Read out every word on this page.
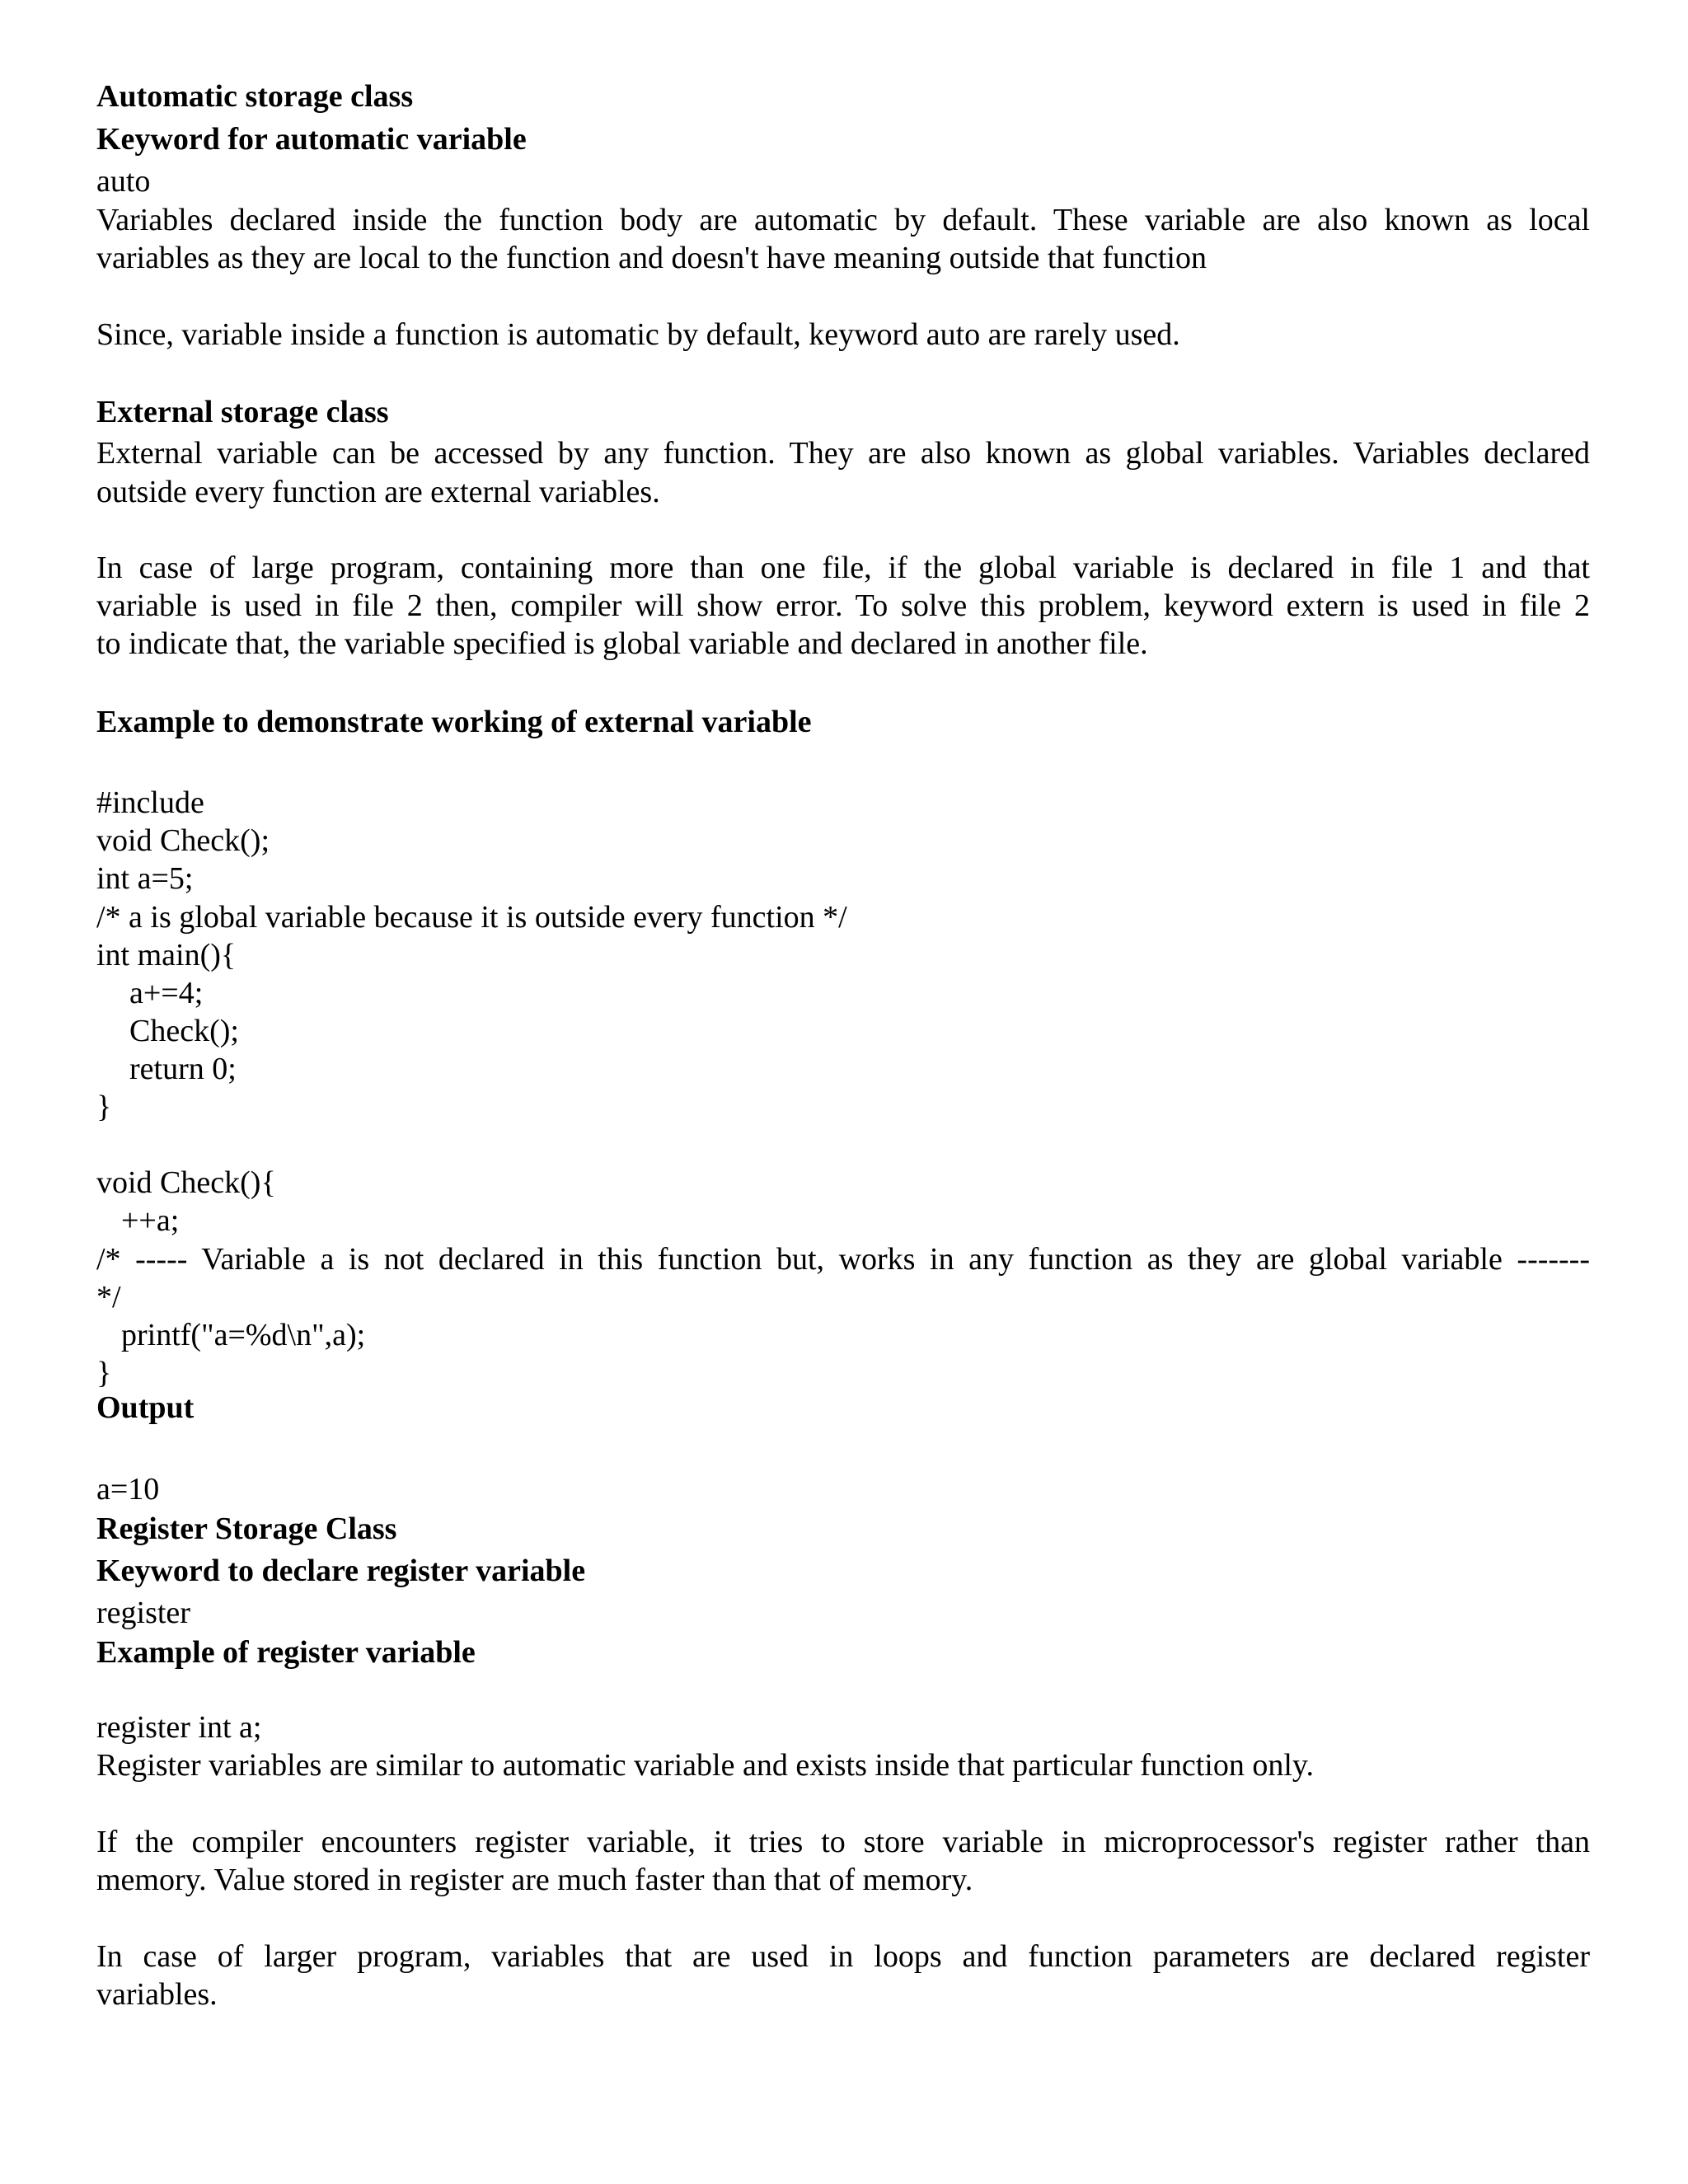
Automatic storage class

Keyword for automatic variable

auto

Variables declared inside the function body are automatic by default. These variable are also known as local

variables as they are local to the function and doesn't have meaning outside that function

Since, variable inside a function is automatic by default, keyword auto are rarely used.

External storage class

External variable can be accessed by any function. They are also known as global variables. Variables declared

outside every function are external variables.

In case of large program, containing more than one file, if the global variable is declared in file 1 and that

variable is used in file 2 then, compiler will show error. To solve this problem, keyword extern is used in file 2

to indicate that, the variable specified is global variable and declared in another file.

Example to demonstrate working of external variable

#include

void Check();

int a=5;

/* a is global variable because it is outside every function */

int main(){

a+=4;

Check();

return 0;

}

void Check(){

++a;

/* ----- Variable a is not declared in this function but, works in any function as they are global variable -------

*/

printf("a=%d\n",a);

}

Output

a=10

Register Storage Class

Keyword to declare register variable

register

Example of register variable

register int a;

Register variables are similar to automatic variable and exists inside that particular function only.

If the compiler encounters register variable, it tries to store variable in microprocessor's register rather than

memory. Value stored in register are much faster than that of memory.

In case of larger program, variables that are used in loops and function parameters are declared register

variables.
